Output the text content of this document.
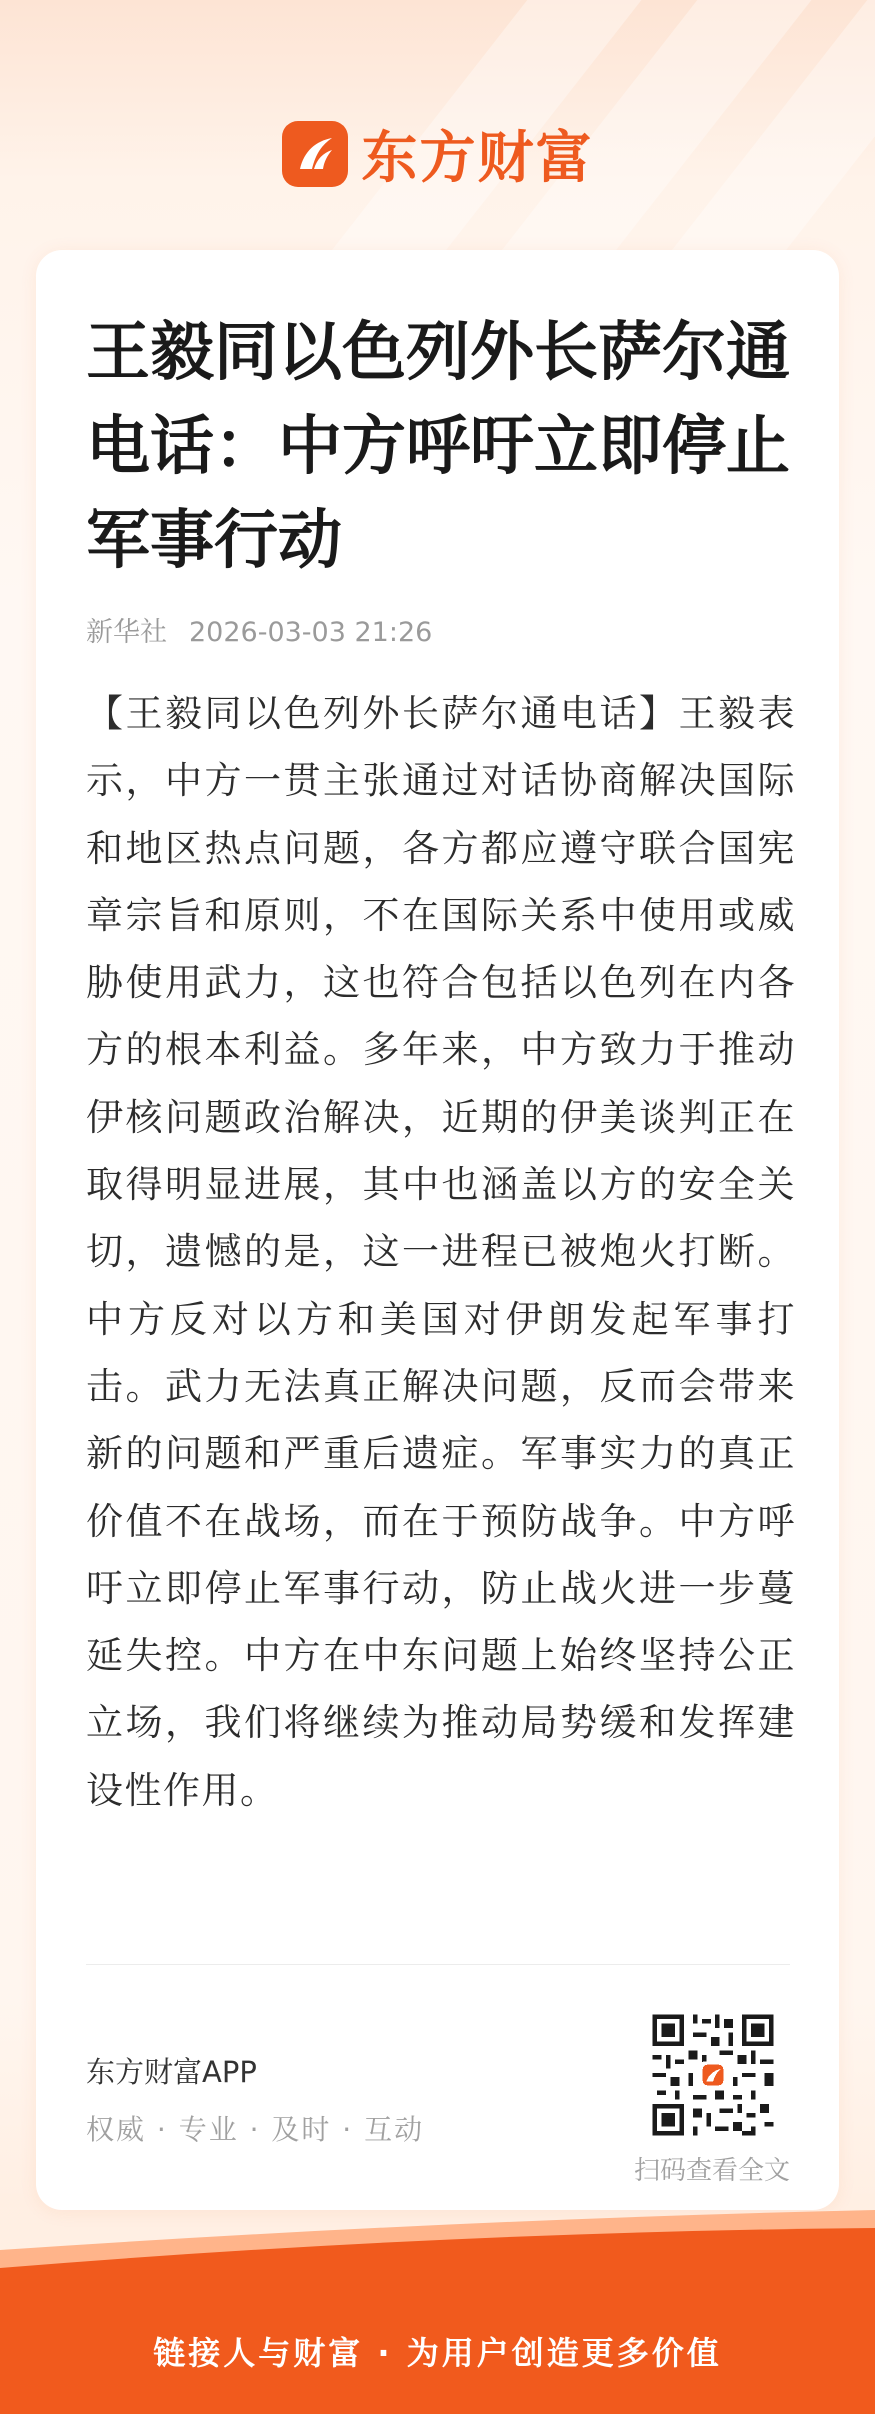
东方财富
王毅同以色列外长萨尔通电话：中方呼吁立即停止军事行动
新华社 2026-03-03 21:26
【王毅同以色列外长萨尔通电话】王毅表示，中方一贯主张通过对话协商解决国际和地区热点问题，各方都应遵守联合国宪章宗旨和原则，不在国际关系中使用或威胁使用武力，这也符合包括以色列在内各方的根本利益。多年来，中方致力于推动伊核问题政治解决，近期的伊美谈判正在取得明显进展，其中也涵盖以方的安全关切，遗憾的是，这一进程已被炮火打断。中方反对以方和美国对伊朗发起军事打击。武力无法真正解决问题，反而会带来新的问题和严重后遗症。军事实力的真正价值不在战场，而在于预防战争。中方呼吁立即停止军事行动，防止战火进一步蔓延失控。中方在中东问题上始终坚持公正立场，我们将继续为推动局势缓和发挥建设性作用。
东方财富APP
权威 · 专业 · 及时 · 互动
扫码查看全文
链接人与财富 · 为用户创造更多价值
